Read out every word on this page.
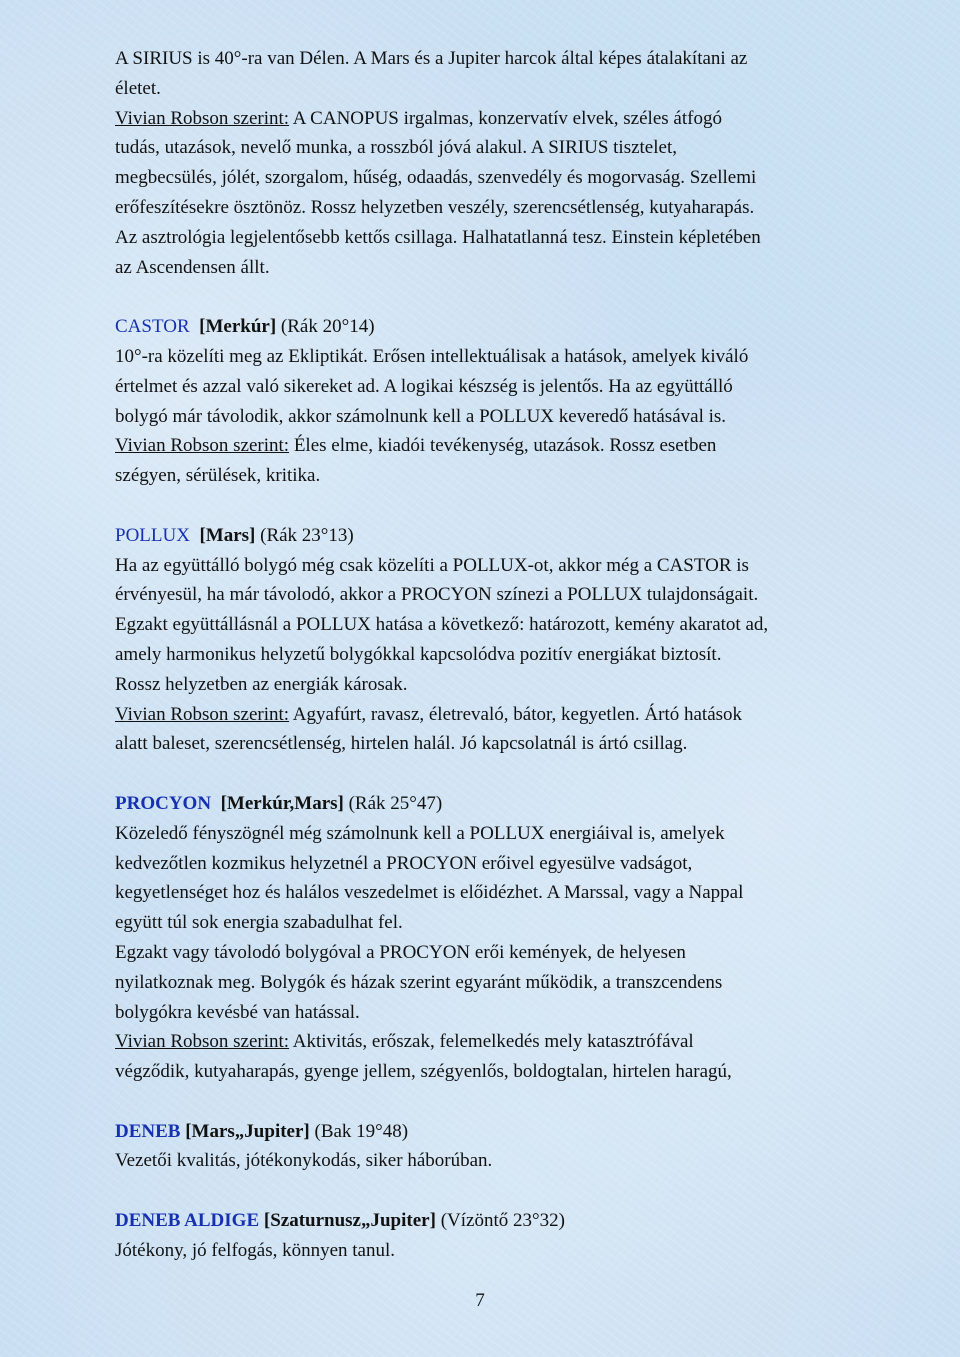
A SIRIUS is 40°-ra van Délen. A Mars és a Jupiter harcok által képes átalakítani az
életet.
Vivian Robson szerint: A CANOPUS irgalmas, konzervatív elvek, széles átfogó
tudás, utazások, nevelő munka, a rosszból jóvá alakul. A SIRIUS tisztelet,
megbecsülés, jólét, szorgalom, hűség, odaadás, szenvedély és mogorvaság. Szellemi
erőfeszítésekre ösztönöz. Rossz helyzetben veszély, szerencsétlenség, kutyaharapás.
Az asztrológia legjelentősebb kettős csillaga. Halhatatlanná tesz. Einstein képletében
az Ascendensen állt.
CASTOR [Merkúr] (Rák 20°14)
10°-ra közelíti meg az Ekliptikát. Erősen intellektuálisak a hatások, amelyek kiváló
értelmet és azzal való sikereket ad. A logikai készség is jelentős. Ha az együttálló
bolygó már távolodik, akkor számolnunk kell a POLLUX keveredő hatásával is.
Vivian Robson szerint: Éles elme, kiadói tevékenység, utazások. Rossz esetben
szégyen, sérülések, kritika.
POLLUX [Mars] (Rák 23°13)
Ha az együttálló bolygó még csak közelíti a POLLUX-ot, akkor még a CASTOR is
érvényesül, ha már távolodó, akkor a PROCYON színezi a POLLUX tulajdonságait.
Egzakt együttállásnál a POLLUX hatása a következő: határozott, kemény akaratot ad,
amely harmonikus helyzetű bolygókkal kapcsolódva pozitív energiákat biztosít.
Rossz helyzetben az energiák károsak.
Vivian Robson szerint: Agyafúrt, ravasz, életrevaló, bátor, kegyetlen. Ártó hatások
alatt baleset, szerencsétlenség, hirtelen halál. Jó kapcsolatnál is ártó csillag.
PROCYON [Merkúr,Mars] (Rák 25°47)
Közeledő fényszögnél még számolnunk kell a POLLUX energiáival is, amelyek
kedvezőtlen kozmikus helyzetnél a PROCYON erőivel egyesülve vadságot,
kegyetlenséget hoz és halálos veszedelmet is előidézhet. A Marssal, vagy a Nappal
együtt túl sok energia szabadulhat fel.
Egzakt vagy távolodó bolygóval a PROCYON erői kemények, de helyesen
nyilatkoznak meg. Bolygók és házak szerint egyaránt működik, a transzcendens
bolygókra kevésbé van hatással.
Vivian Robson szerint: Aktivitás, erőszak, felemelkedés mely katasztrófával
végződik, kutyaharapás, gyenge jellem, szégyenlős, boldogtalan, hirtelen haragú,
DENEB [Mars„Jupiter] (Bak 19°48)
Vezetői kvalitás, jótékonykodás, siker háborúban.
DENEB ALDIGE [Szaturnusz„Jupiter] (Vízöntő 23°32)
Jótékony, jó felfogás, könnyen tanul.
7
